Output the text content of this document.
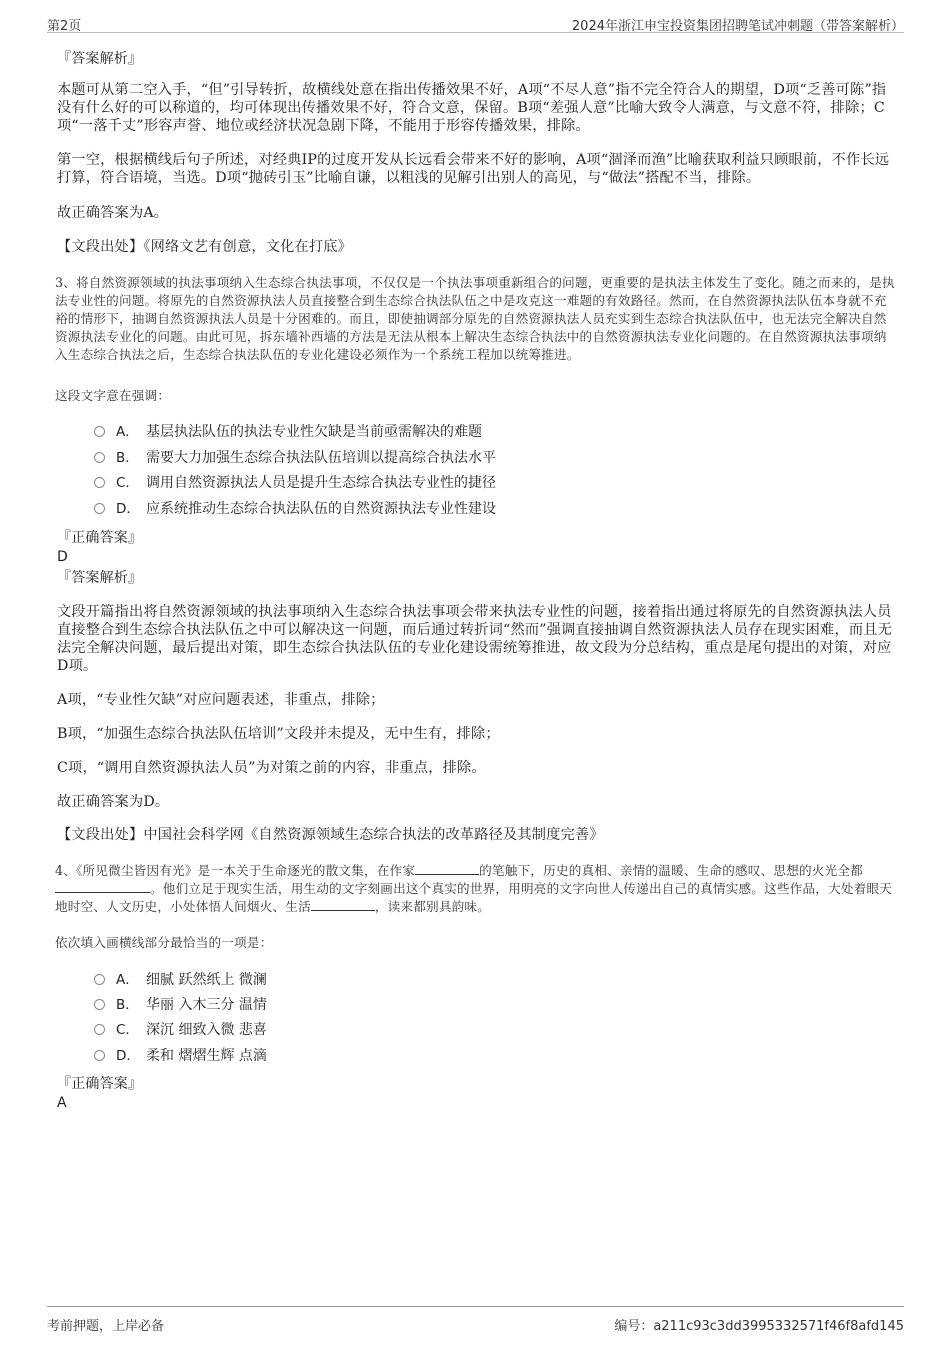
第2页	2024年浙江申宝投资集团招聘笔试冲刺题（带答案解析）
『答案解析』
本题可从第二空入手，“但”引导转折，故横线处意在指出传播效果不好，A项“不尽人意”指不完全符合人的期望，D项“乏善可陈”指没有什么好的可以称道的，均可体现出传播效果不好，符合文意，保留。B项“差强人意”比喻大致令人满意，与文意不符，排除；C项“一落千丈”形容声誉、地位或经济状况急剧下降，不能用于形容传播效果，排除。
第一空，根据横线后句子所述，对经典IP的过度开发从长远看会带来不好的影响，A项“涸泽而渔”比喻获取利益只顾眼前，不作长远打算，符合语境，当选。D项“抛砖引玉”比喻自谦，以粗浅的见解引出别人的高见，与“做法”搭配不当，排除。
故正确答案为A。
【文段出处】《网络文艺有创意，文化在打底》
3、将自然资源领域的执法事项纳入生态综合执法事项，不仅仅是一个执法事项重新组合的问题，更重要的是执法主体发生了变化。随之而来的，是执法专业性的问题。将原先的自然资源执法人员直接整合到生态综合执法队伍之中是攻克这一难题的有效路径。然而，在自然资源执法队伍本身就不充裕的情形下，抽调自然资源执法人员是十分困难的。而且，即使抽调部分原先的自然资源执法人员充实到生态综合执法队伍中，也无法完全解决自然资源执法专业化的问题。由此可见，拆东墙补西墙的方法是无法从根本上解决生态综合执法中的自然资源执法专业化问题的。在自然资源执法事项纳入生态综合执法之后，生态综合执法队伍的专业化建设必须作为一个系统工程加以统筹推进。
这段文字意在强调：
A． 基层执法队伍的执法专业性欠缺是当前亟需解决的难题
B． 需要大力加强生态综合执法队伍培训以提高综合执法水平
C． 调用自然资源执法人员是提升生态综合执法专业性的捷径
D． 应系统推动生态综合执法队伍的自然资源执法专业性建设
『正确答案』
D
『答案解析』
文段开篇指出将自然资源领域的执法事项纳入生态综合执法事项会带来执法专业性的问题，接着指出通过将原先的自然资源执法人员直接整合到生态综合执法队伍之中可以解决这一问题，而后通过转折词“然而”强调直接抽调自然资源执法人员存在现实困难，而且无法完全解决问题，最后提出对策，即生态综合执法队伍的专业化建设需统筹推进，故文段为分总结构，重点是尾句提出的对策，对应D项。
A项，“专业性欠缺”对应问题表述，非重点，排除；
B项，“加强生态综合执法队伍培训”文段并未提及，无中生有，排除；
C项，“调用自然资源执法人员”为对策之前的内容，非重点，排除。
故正确答案为D。
【文段出处】中国社会科学网《自然资源领域生态综合执法的改革路径及其制度完善》
4、《所见微尘皆因有光》是一本关于生命逐光的散文集，在作家	的笔触下，历史的真相、亲情的温暖、生命的感叹、思想的火光全都。他们立足于现实生活，用生动的文字刻画出这个真实的世界，用明亮的文字向世人传递出自己的真情实感。这些作品，大处着眼天地时空、人文历史，小处体悟人间烟火、生活	，读来都别具韵味。
依次填入画横线部分最恰当的一项是：
A． 细腻 跃然纸上 微澜
B． 华丽 入木三分 温情
C． 深沉 细致入微 悲喜
D． 柔和 熠熠生辉 点滴
『正确答案』
A
考前押题，上岸必备	编号：a211c93c3dd3995332571f46f8afd145
